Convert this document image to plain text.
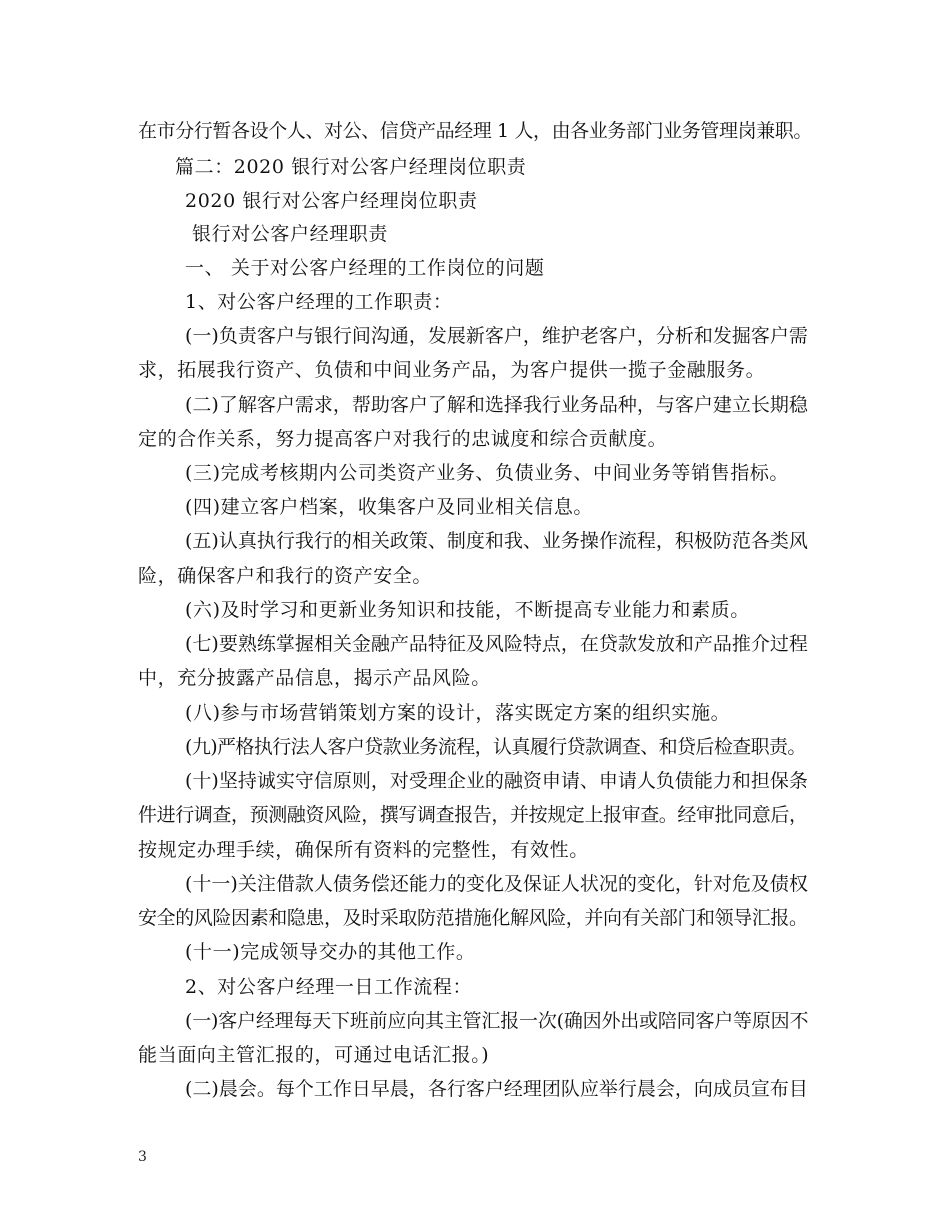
在市分行暂各设个人、对公、信贷产品经理 1 人，由各业务部门业务管理岗兼职。
篇二：2020 银行对公客户经理岗位职责
2020 银行对公客户经理岗位职责
银行对公客户经理职责
一、 关于对公客户经理的工作岗位的问题
1、对公客户经理的工作职责：
(一)负责客户与银行间沟通，发展新客户，维护老客户，分析和发掘客户需
求，拓展我行资产、负债和中间业务产品，为客户提供一揽子金融服务。
(二)了解客户需求，帮助客户了解和选择我行业务品种，与客户建立长期稳
定的合作关系，努力提高客户对我行的忠诚度和综合贡献度。
(三)完成考核期内公司类资产业务、负债业务、中间业务等销售指标。
(四)建立客户档案，收集客户及同业相关信息。
(五)认真执行我行的相关政策、制度和我、业务操作流程，积极防范各类风
险，确保客户和我行的资产安全。
(六)及时学习和更新业务知识和技能，不断提高专业能力和素质。
(七)要熟练掌握相关金融产品特征及风险特点，在贷款发放和产品推介过程
中，充分披露产品信息，揭示产品风险。
(八)参与市场营销策划方案的设计，落实既定方案的组织实施。
(九)严格执行法人客户贷款业务流程，认真履行贷款调查、和贷后检查职责。
(十)坚持诚实守信原则，对受理企业的融资申请、申请人负债能力和担保条
件进行调查，预测融资风险，撰写调查报告，并按规定上报审查。经审批同意后，
按规定办理手续，确保所有资料的完整性，有效性。
(十一)关注借款人债务偿还能力的变化及保证人状况的变化，针对危及债权
安全的风险因素和隐患，及时采取防范措施化解风险，并向有关部门和领导汇报。
(十一)完成领导交办的其他工作。
2、对公客户经理一日工作流程：
(一)客户经理每天下班前应向其主管汇报一次(确因外出或陪同客户等原因不
能当面向主管汇报的，可通过电话汇报。)
(二)晨会。每个工作日早晨，各行客户经理团队应举行晨会，向成员宣布目
3
